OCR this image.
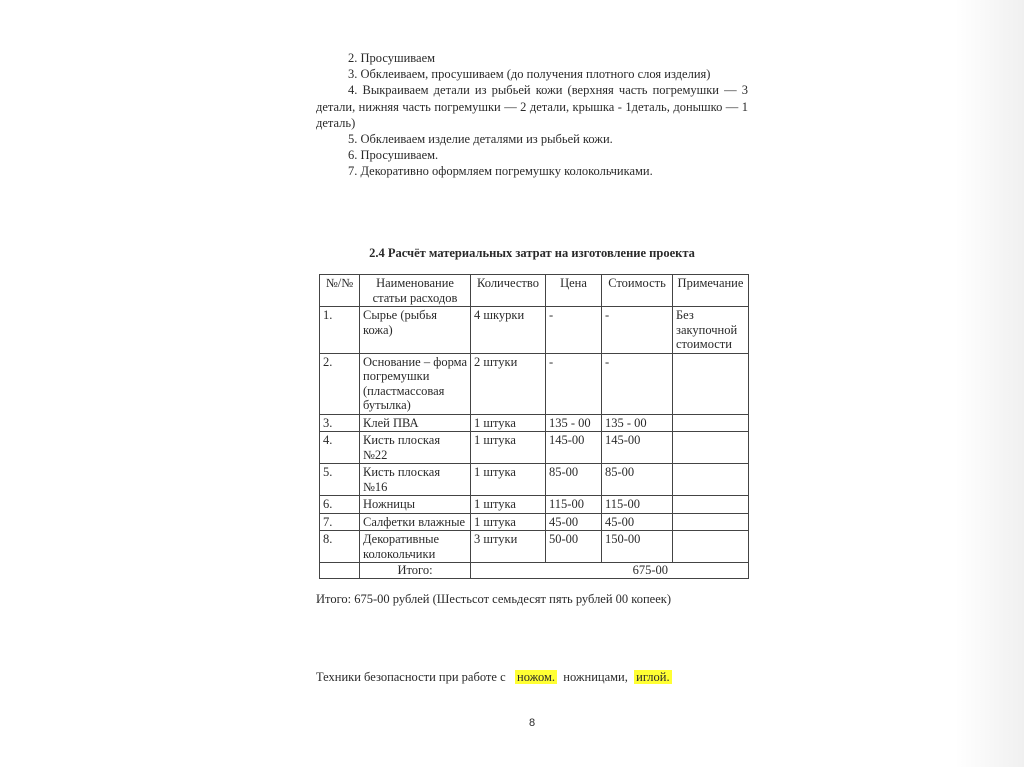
2. Просушиваем
3. Обклеиваем, просушиваем (до получения плотного слоя изделия)
4. Выкраиваем детали из рыбьей кожи (верхняя часть погремушки — 3 детали, нижняя часть погремушки — 2 детали, крышка - 1деталь, донышко — 1 деталь)
5. Обклеиваем изделие деталями из рыбьей кожи.
6. Просушиваем.
7. Декоративно оформляем погремушку колокольчиками.
2.4 Расчёт материальных затрат на изготовление проекта
№/№	Наименование статьи расходов	Количество	Цена	Стоимость	Примечание
1.	Сырье (рыбья кожа)	4 шкурки	-	-	Без закупочной стоимости
2.	Основание – форма погремушки (пластмассовая бутылка)	2 штуки	-	-	
3.	Клей ПВА	1 штука	135 - 00	135 - 00	
4.	Кисть плоская №22	1 штука	145-00	145-00	
5.	Кисть плоская №16	1 штука	85-00	85-00	
6.	Ножницы	1 штука	115-00	115-00	
7.	Салфетки влажные	1 штука	45-00	45-00	
8.	Декоративные колокольчики	3 штуки	50-00	150-00	
	Итого:	675-00			
Итого: 675-00 рублей (Шестьсот семьдесят пять рублей 00 копеек)
Техники безопасности при работе с ножом. ножницами, иглой.
8
